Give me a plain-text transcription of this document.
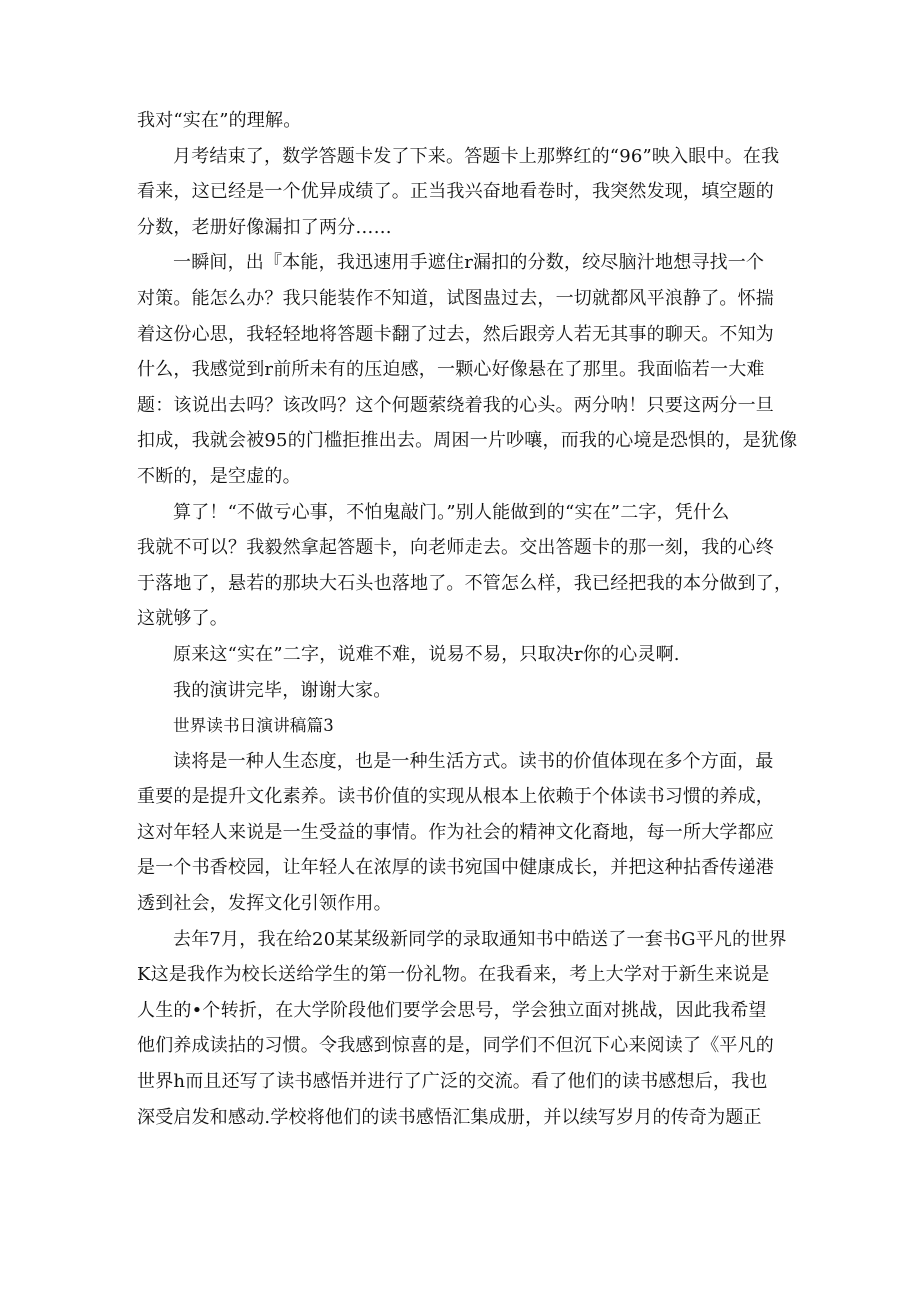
我对“实在”的理解。
月考结束了，数学答题卡发了下来。答题卡上那弊红的“96”映入眼中。在我
看来，这已经是一个优异成绩了。正当我兴奋地看卷时，我突然发现，填空题的
分数，老册好像漏扣了两分……
一瞬间，出『本能，我迅速用手遮住r漏扣的分数，绞尽脑汁地想寻找一个
对策。能怎么办？我只能装作不知道，试图蛊过去，一切就都风平浪静了。怀揣
着这份心思，我轻轻地将答题卡翻了过去，然后跟旁人若无其事的聊天。不知为
什么，我感觉到r前所未有的压迫感，一颗心好像悬在了那里。我面临若一大难
题：该说出去吗？该改吗？这个何题萦绕着我的心头。两分呐！只要这两分一旦
扣成，我就会被95的门槛拒推出去。周困一片吵嚷，而我的心境是恐惧的，是犹像
不断的，是空虚的。
算了！“不做亏心事，不怕鬼敲门。”别人能做到的“实在”二字，凭什么
我就不可以？我毅然拿起答题卡，向老师走去。交出答题卡的那一刻，我的心终
于落地了，悬若的那块大石头也落地了。不管怎么样，我已经把我的本分做到了，
这就够了。
原来这“实在”二字，说难不难，说易不易，只取决r你的心灵啊.
我的演讲完毕，谢谢大家。
世界读书日演讲稿篇3
读将是一种人生态度，也是一种生活方式。读书的价值体现在多个方面，最
重要的是提升文化素养。读书价值的实现从根本上依赖于个体读书习惯的养成，
这对年轻人来说是一生受益的事情。作为社会的精神文化裔地，每一所大学都应
是一个书香校园，让年轻人在浓厚的读书宛国中健康成长，并把这种拈香传递港
透到社会，发挥文化引领作用。
去年7月，我在给20某某级新同学的录取通知书中皓送了一套书G平凡的世界
K这是我作为校长送给学生的第一份礼物。在我看来，考上大学对于新生来说是
人生的•个转折，在大学阶段他们要学会思号，学会独立面对挑战，因此我希望
他们养成读拈的习惯。令我感到惊喜的是，同学们不但沉下心来阅读了《平凡的
世界h而且还写了读书感悟并进行了广泛的交流。看了他们的读书感想后，我也
深受启发和感动.学校将他们的读书感悟汇集成册，并以续写岁月的传奇为题正
